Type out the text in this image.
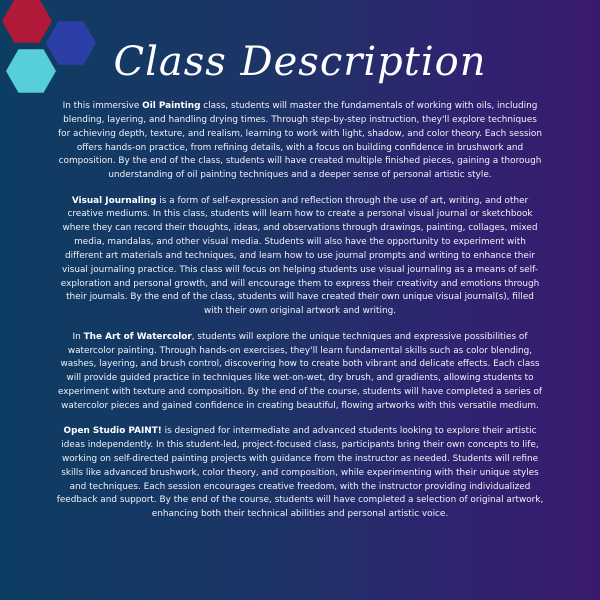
Class Description

In this immersive Oil Painting class, students will master the fundamentals of working with oils, including blending, layering, and handling drying times. Through step-by-step instruction, they'll explore techniques for achieving depth, texture, and realism, learning to work with light, shadow, and color theory. Each session offers hands-on practice, from refining details, with a focus on building confidence in brushwork and composition. By the end of the class, students will have created multiple finished pieces, gaining a thorough understanding of oil painting techniques and a deeper sense of personal artistic style.

Visual Journaling is a form of self-expression and reflection through the use of art, writing, and other creative mediums. In this class, students will learn how to create a personal visual journal or sketchbook where they can record their thoughts, ideas, and observations through drawings, painting, collages, mixed media, mandalas, and other visual media. Students will also have the opportunity to experiment with different art materials and techniques, and learn how to use journal prompts and writing to enhance their visual journaling practice. This class will focus on helping students use visual journaling as a means of self-exploration and personal growth, and will encourage them to express their creativity and emotions through their journals. By the end of the class, students will have created their own unique visual journal(s), filled with their own original artwork and writing.

In The Art of Watercolor, students will explore the unique techniques and expressive possibilities of watercolor painting. Through hands-on exercises, they'll learn fundamental skills such as color blending, washes, layering, and brush control, discovering how to create both vibrant and delicate effects. Each class will provide guided practice in techniques like wet-on-wet, dry brush, and gradients, allowing students to experiment with texture and composition. By the end of the course, students will have completed a series of watercolor pieces and gained confidence in creating beautiful, flowing artworks with this versatile medium.

Open Studio PAINT! is designed for intermediate and advanced students looking to explore their artistic ideas independently. In this student-led, project-focused class, participants bring their own concepts to life, working on self-directed painting projects with guidance from the instructor as needed. Students will refine skills like advanced brushwork, color theory, and composition, while experimenting with their unique styles and techniques. Each session encourages creative freedom, with the instructor providing individualized feedback and support. By the end of the course, students will have completed a selection of original artwork, enhancing both their technical abilities and personal artistic voice.
